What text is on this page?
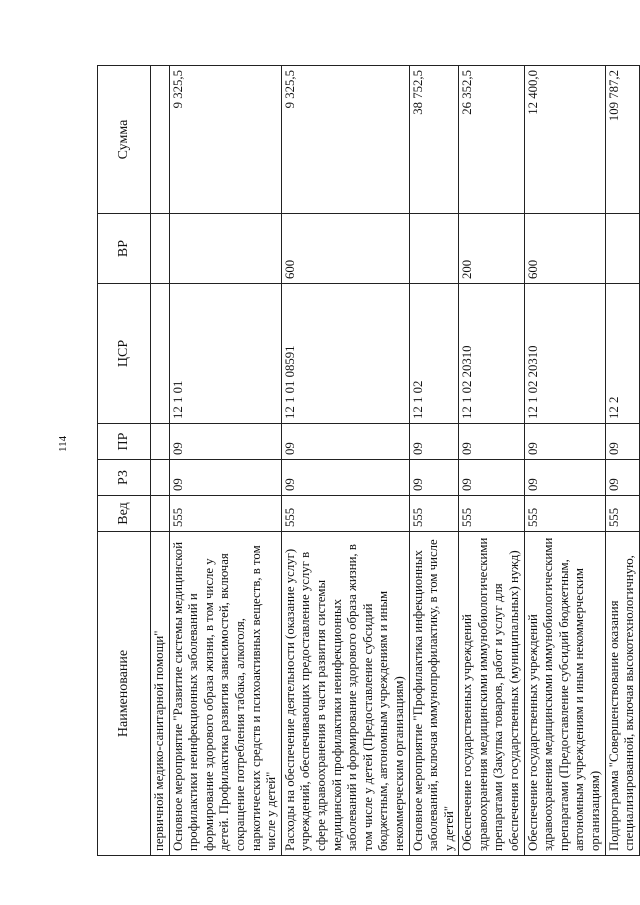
114
Наименование	Вед	РЗ	ПР	ЦСР	ВР	Сумма
первичной медико-санитарной помощи"						
Основное мероприятие "Развитие системы медицинской профилактики неинфекционных заболеваний и формирование здорового образа жизни, в том числе у детей. Профилактика развития зависимостей, включая сокращение потребления табака, алкоголя, наркотических средств и психоактивных веществ, в том числе у детей"	555	09	09	12 1 01		9 325,5
Расходы на обеспечение деятельности (оказание услуг) учреждений, обеспечивающих предоставление услуг в сфере здравоохранения в части развития системы медицинской профилактики неинфекционных заболеваний и формирование здорового образа жизни, в том числе у детей (Предоставление субсидий бюджетным, автономным учреждениям и иным некоммерческим организациям)	555	09	09	12 1 01 08591	600	9 325,5
Основное мероприятие "Профилактика инфекционных заболеваний, включая иммунопрофилактику, в том числе у детей"	555	09	09	12 1 02		38 752,5
Обеспечение государственных учреждений здравоохранения медицинскими иммунобиологическими препаратами (Закупка товаров, работ и услуг для обеспечения государственных (муниципальных) нужд)	555	09	09	12 1 02 20310	200	26 352,5
Обеспечение государственных учреждений здравоохранения медицинскими иммунобиологическими препаратами (Предоставление субсидий бюджетным, автономным учреждениям и иным некоммерческим организациям)	555	09	09	12 1 02 20310	600	12 400,0
Подпрограмма "Совершенствование оказания специализированной, включая высокотехнологичную,	555	09	09	12 2		109 787,2
